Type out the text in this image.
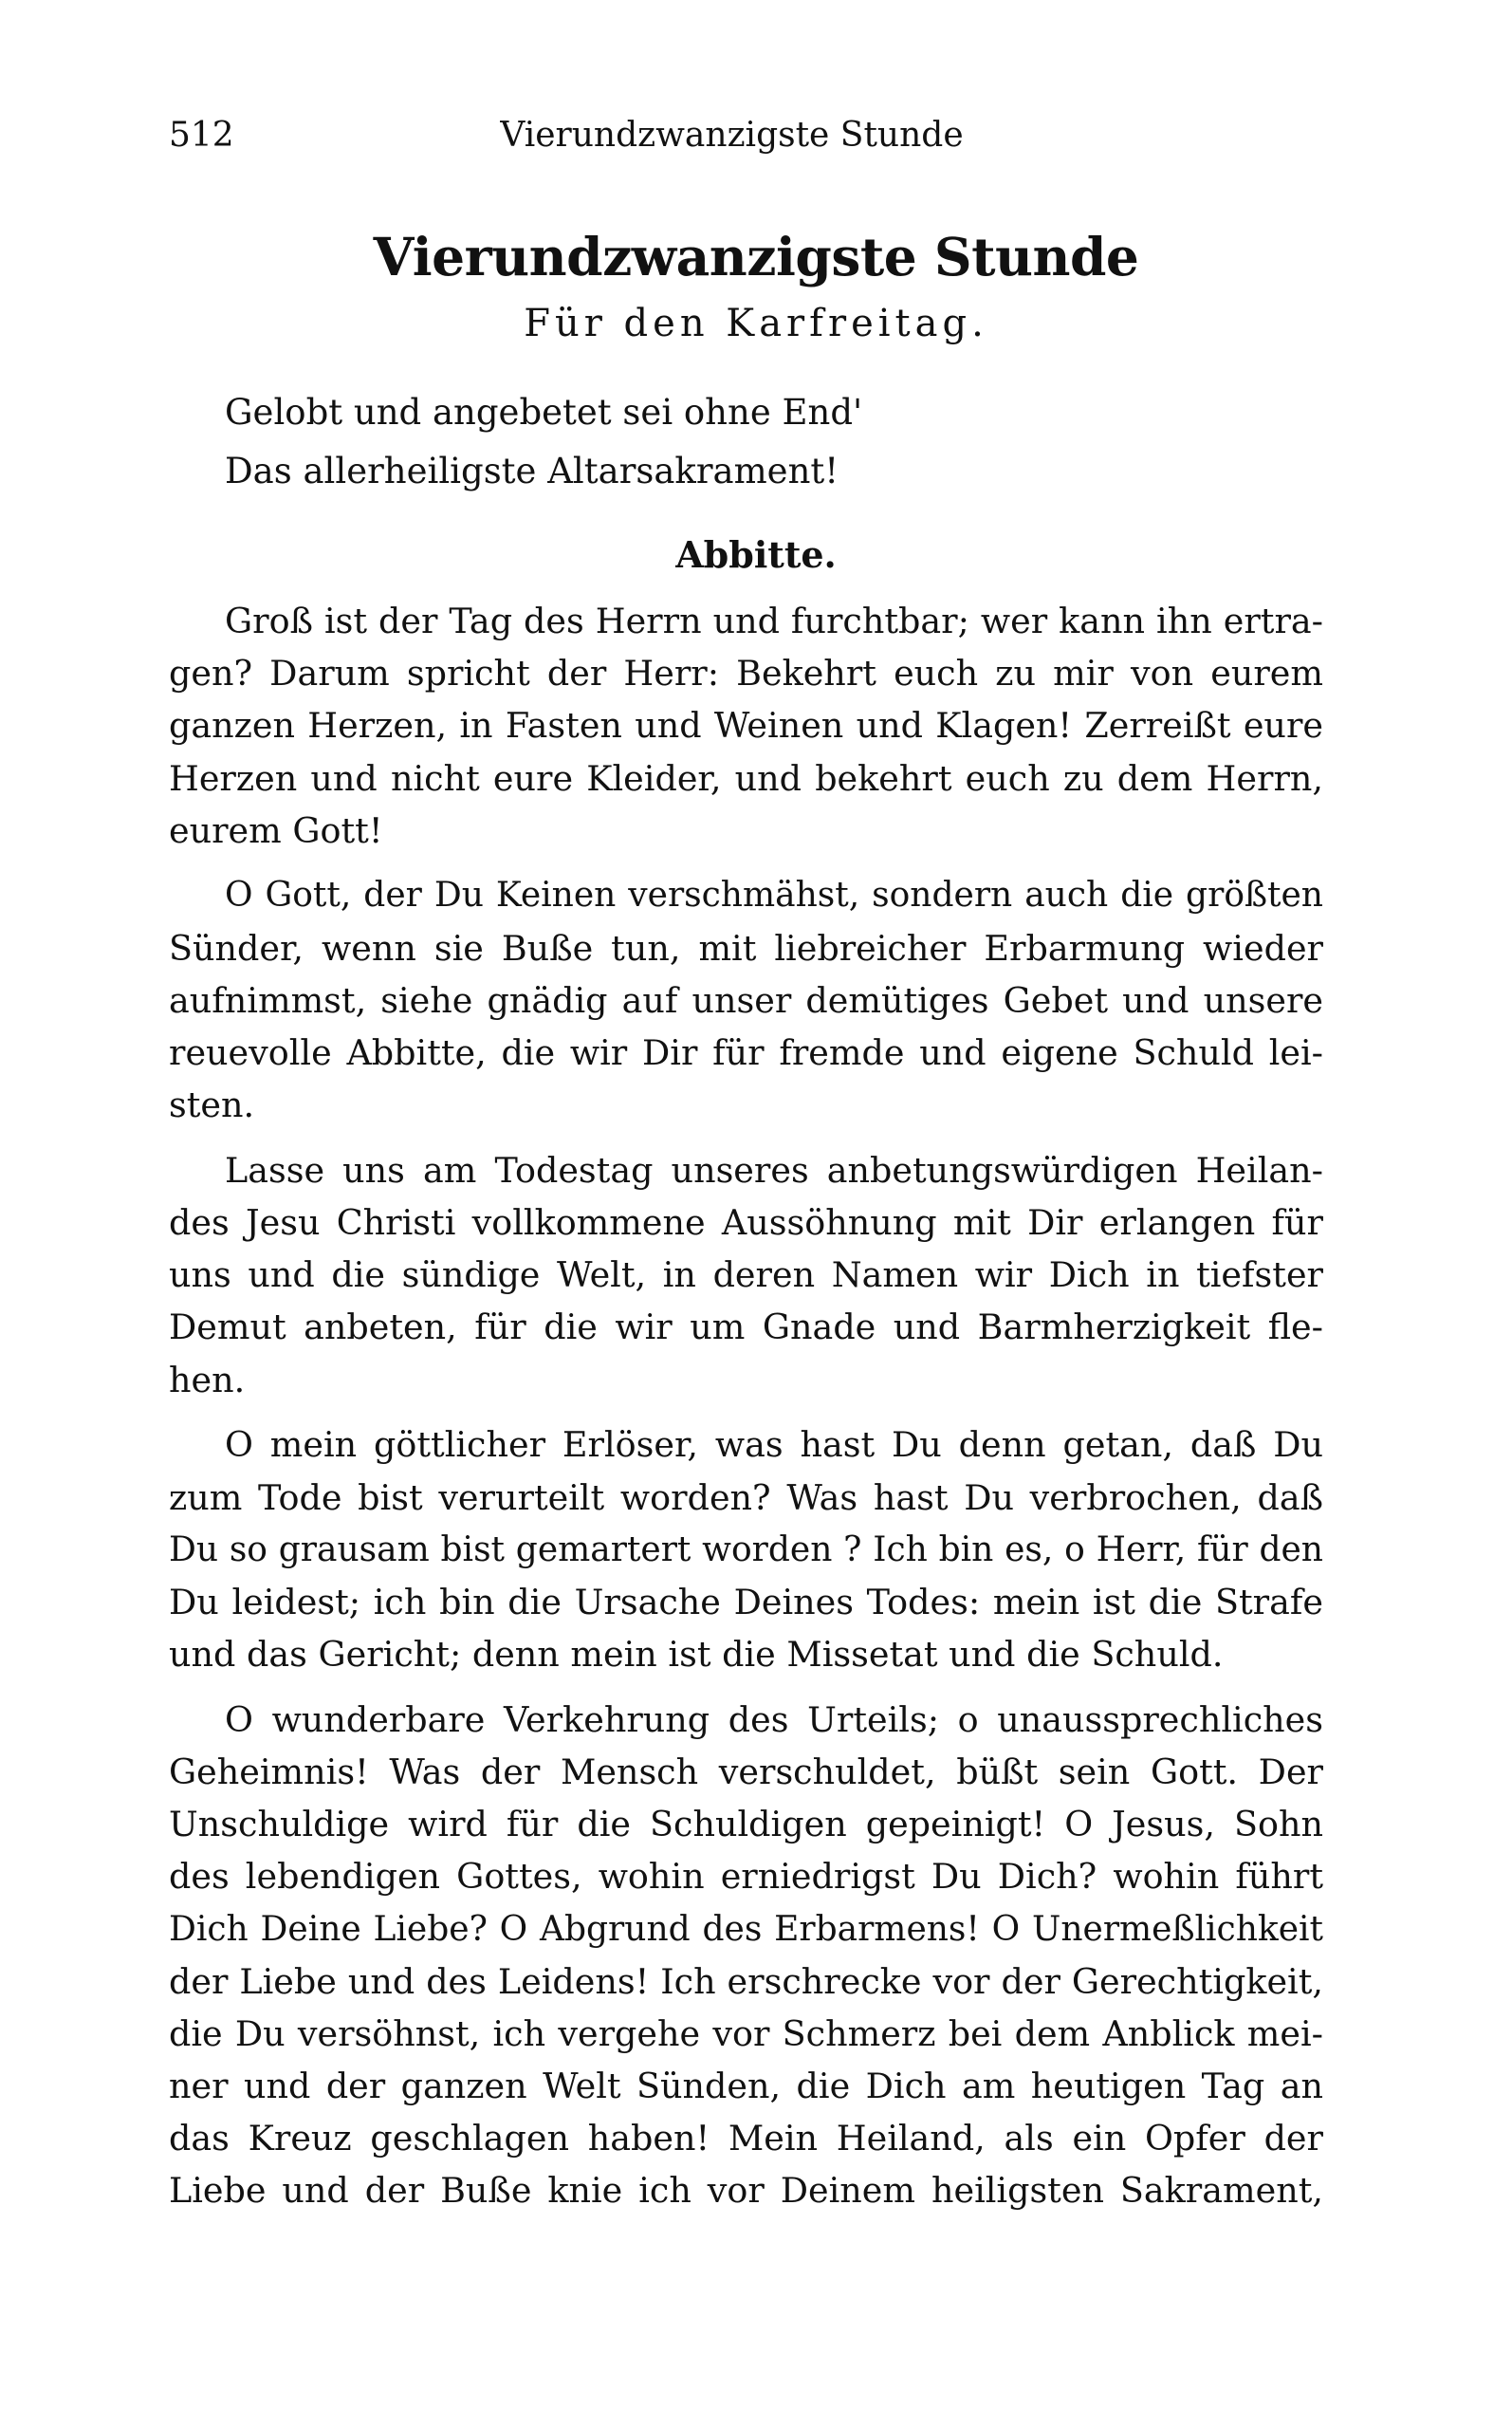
512	Vierundzwanzigste Stunde
Vierundzwanzigste Stunde
Für den Karfreitag.
Gelobt und angebetet sei ohne End'
Das allerheiligste Altarsakrament!
Abbitte.
Groß ist der Tag des Herrn und furchtbar; wer kann ihn ertra-
gen? Darum spricht der Herr: Bekehrt euch zu mir von eurem
ganzen Herzen, in Fasten und Weinen und Klagen! Zerreißt eure
Herzen und nicht eure Kleider, und bekehrt euch zu dem Herrn,
eurem Gott!
O Gott, der Du Keinen verschmähst, sondern auch die größten
Sünder, wenn sie Buße tun, mit liebreicher Erbarmung wieder
aufnimmst, siehe gnädig auf unser demütiges Gebet und unsere
reuevolle Abbitte, die wir Dir für fremde und eigene Schuld lei-
sten.
Lasse uns am Todestag unseres anbetungswürdigen Heilan-
des Jesu Christi vollkommene Aussöhnung mit Dir erlangen für
uns und die sündige Welt, in deren Namen wir Dich in tiefster
Demut anbeten, für die wir um Gnade und Barmherzigkeit fle-
hen.
O mein göttlicher Erlöser, was hast Du denn getan, daß Du
zum Tode bist verurteilt worden? Was hast Du verbrochen, daß
Du so grausam bist gemartert worden ? Ich bin es, o Herr, für den
Du leidest; ich bin die Ursache Deines Todes: mein ist die Strafe
und das Gericht; denn mein ist die Missetat und die Schuld.
O wunderbare Verkehrung des Urteils; o unaussprechliches
Geheimnis! Was der Mensch verschuldet, büßt sein Gott. Der
Unschuldige wird für die Schuldigen gepeinigt! O Jesus, Sohn
des lebendigen Gottes, wohin erniedrigst Du Dich? wohin führt
Dich Deine Liebe? O Abgrund des Erbarmens! O Unermeßlichkeit
der Liebe und des Leidens! Ich erschrecke vor der Gerechtigkeit,
die Du versöhnst, ich vergehe vor Schmerz bei dem Anblick mei-
ner und der ganzen Welt Sünden, die Dich am heutigen Tag an
das Kreuz geschlagen haben! Mein Heiland, als ein Opfer der
Liebe und der Buße knie ich vor Deinem heiligsten Sakrament,
